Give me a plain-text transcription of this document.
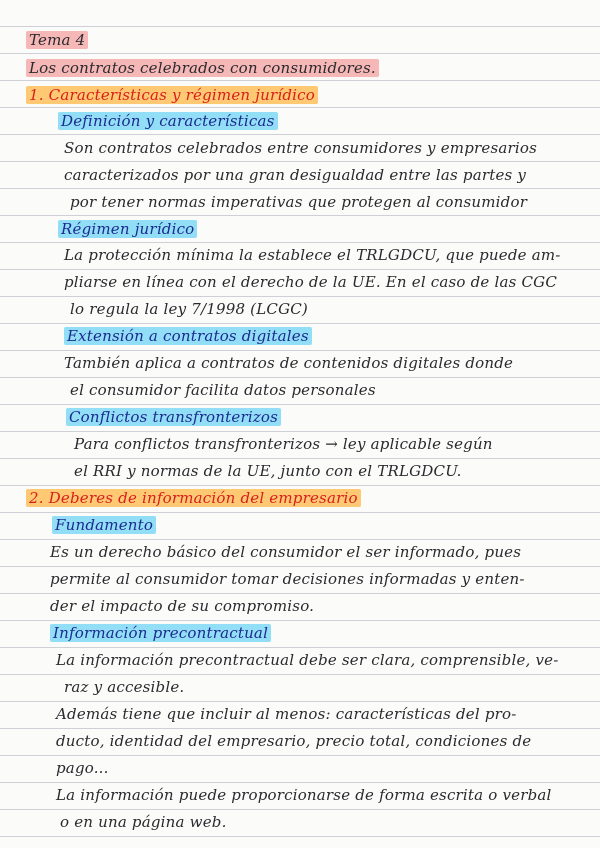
Tema 4
Los contratos celebrados con consumidores.
1. Características y régimen jurídico
Definición y características
Son contratos celebrados entre consumidores y empresarios
caracterizados por una gran desigualdad entre las partes y
por tener normas imperativas que protegen al consumidor
Régimen jurídico
La protección mínima la establece el TRLGDCU, que puede am-
pliarse en línea con el derecho de la UE. En el caso de las CGC
lo regula la ley 7/1998 (LCGC)
Extensión a contratos digitales
También aplica a contratos de contenidos digitales donde
el consumidor facilita datos personales
Conflictos transfronterizos
Para conflictos transfronterizos → ley aplicable según
el RRI y normas de la UE, junto con el TRLGDCU.
2. Deberes de información del empresario
Fundamento
Es un derecho básico del consumidor el ser informado, pues
permite al consumidor tomar decisiones informadas y enten-
der el impacto de su compromiso.
Información precontractual
La información precontractual debe ser clara, comprensible, ve-
raz y accesible.
Además tiene que incluir al menos: características del pro-
ducto, identidad del empresario, precio total, condiciones de
pago...
La información puede proporcionarse de forma escrita o verbal
o en una página web.
